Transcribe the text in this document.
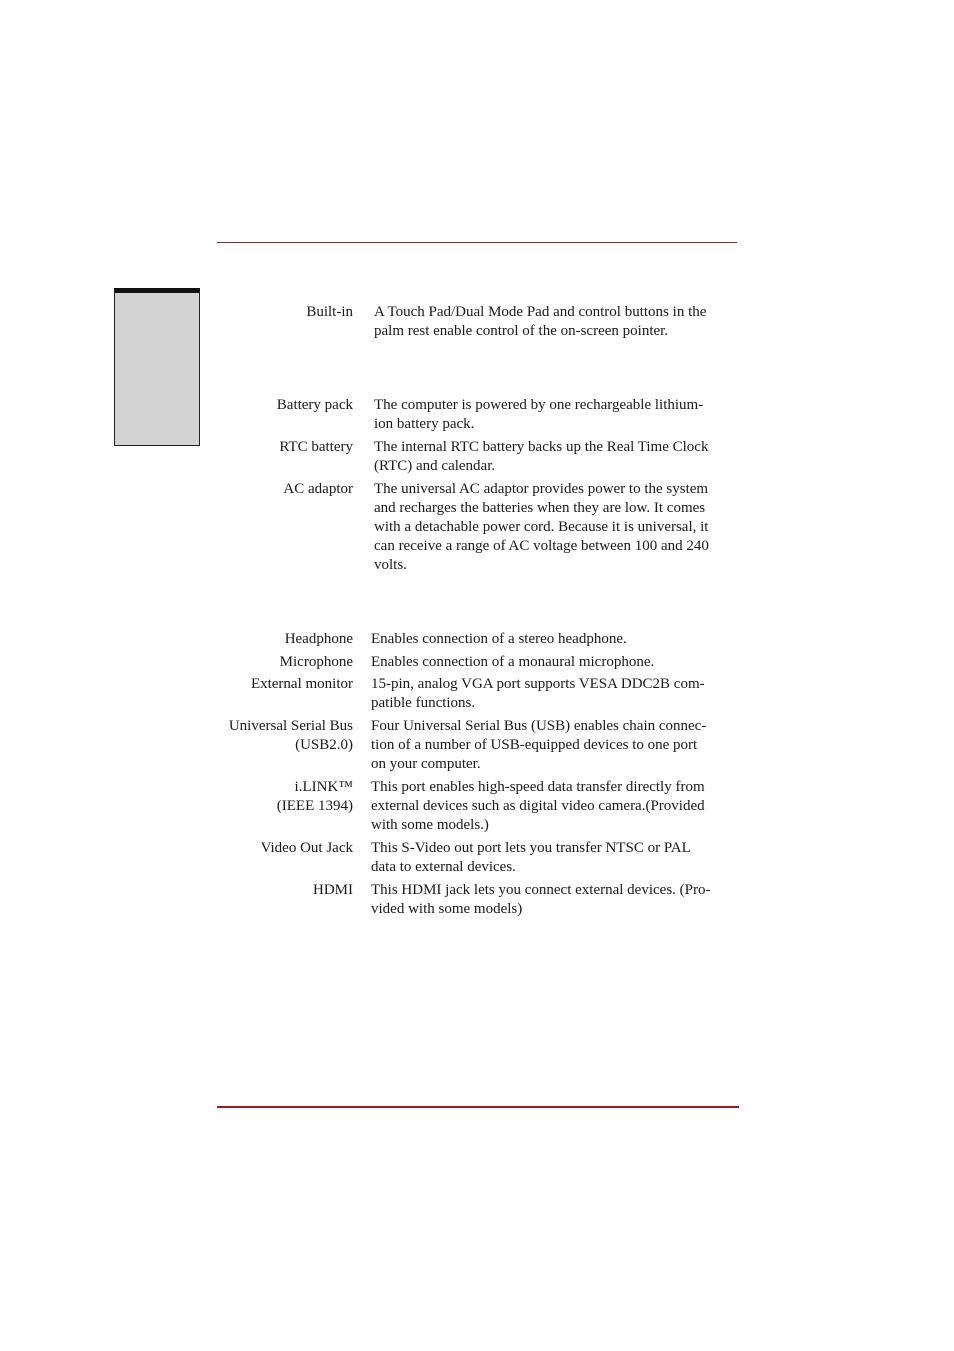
Built-in A Touch Pad/Dual Mode Pad and control buttons in the
palm rest enable control of the on-screen pointer.
Battery pack The computer is powered by one rechargeable lithium-
ion battery pack.
RTC battery The internal RTC battery backs up the Real Time Clock
(RTC) and calendar.
AC adaptor The universal AC adaptor provides power to the system
and recharges the batteries when they are low. It comes
with a detachable power cord. Because it is universal, it
can receive a range of AC voltage between 100 and 240
volts.
Headphone Enables connection of a stereo headphone.
Microphone Enables connection of a monaural microphone.
External monitor 15-pin, analog VGA port supports VESA DDC2B com-
patible functions.
Universal Serial Bus
(USB2.0)
Four Universal Serial Bus (USB) enables chain connec-
tion of a number of USB-equipped devices to one port
on your computer.
i.LINK™
(IEEE 1394)
This port enables high-speed data transfer directly from
external devices such as digital video camera.(Provided
with some models.)
Video Out Jack This S-Video out port lets you transfer NTSC or PAL
data to external devices.
HDMI This HDMI jack lets you connect external devices. (Pro-
vided with some models)
